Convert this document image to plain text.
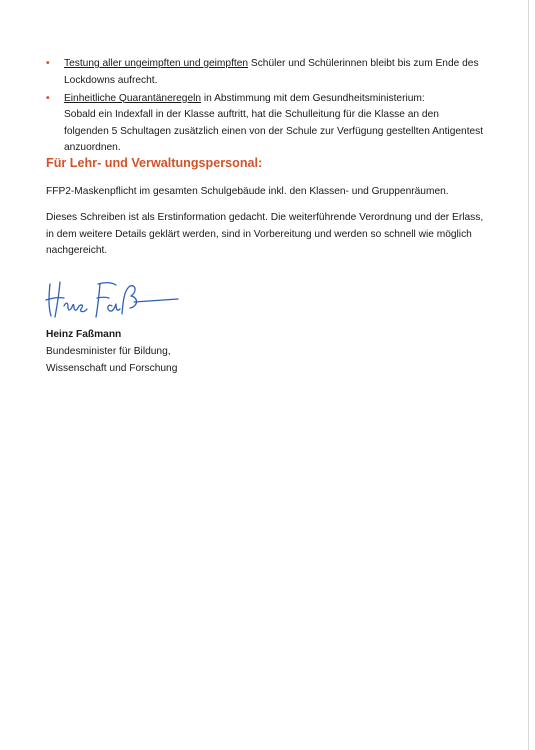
• Testung aller ungeimpften und geimpften Schüler und Schülerinnen bleibt bis zum Ende des Lockdowns aufrecht.
• Einheitliche Quarantäneregeln in Abstimmung mit dem Gesundheitsministerium:
Sobald ein Indexfall in der Klasse auftritt, hat die Schulleitung für die Klasse an den folgenden 5 Schultagen zusätzlich einen von der Schule zur Verfügung gestellten Antigentest anzuordnen.
Für Lehr- und Verwaltungspersonal:

FFP2-Maskenpflicht im gesamten Schulgebäude inkl. den Klassen- und Gruppenräumen.

Dieses Schreiben ist als Erstinformation gedacht. Die weiterführende Verordnung und der Erlass, in dem weitere Details geklärt werden, sind in Vorbereitung und werden so schnell wie möglich nachgereicht.

Heinz Faßmann

Bundesminister für Bildung,
Wissenschaft und Forschung
